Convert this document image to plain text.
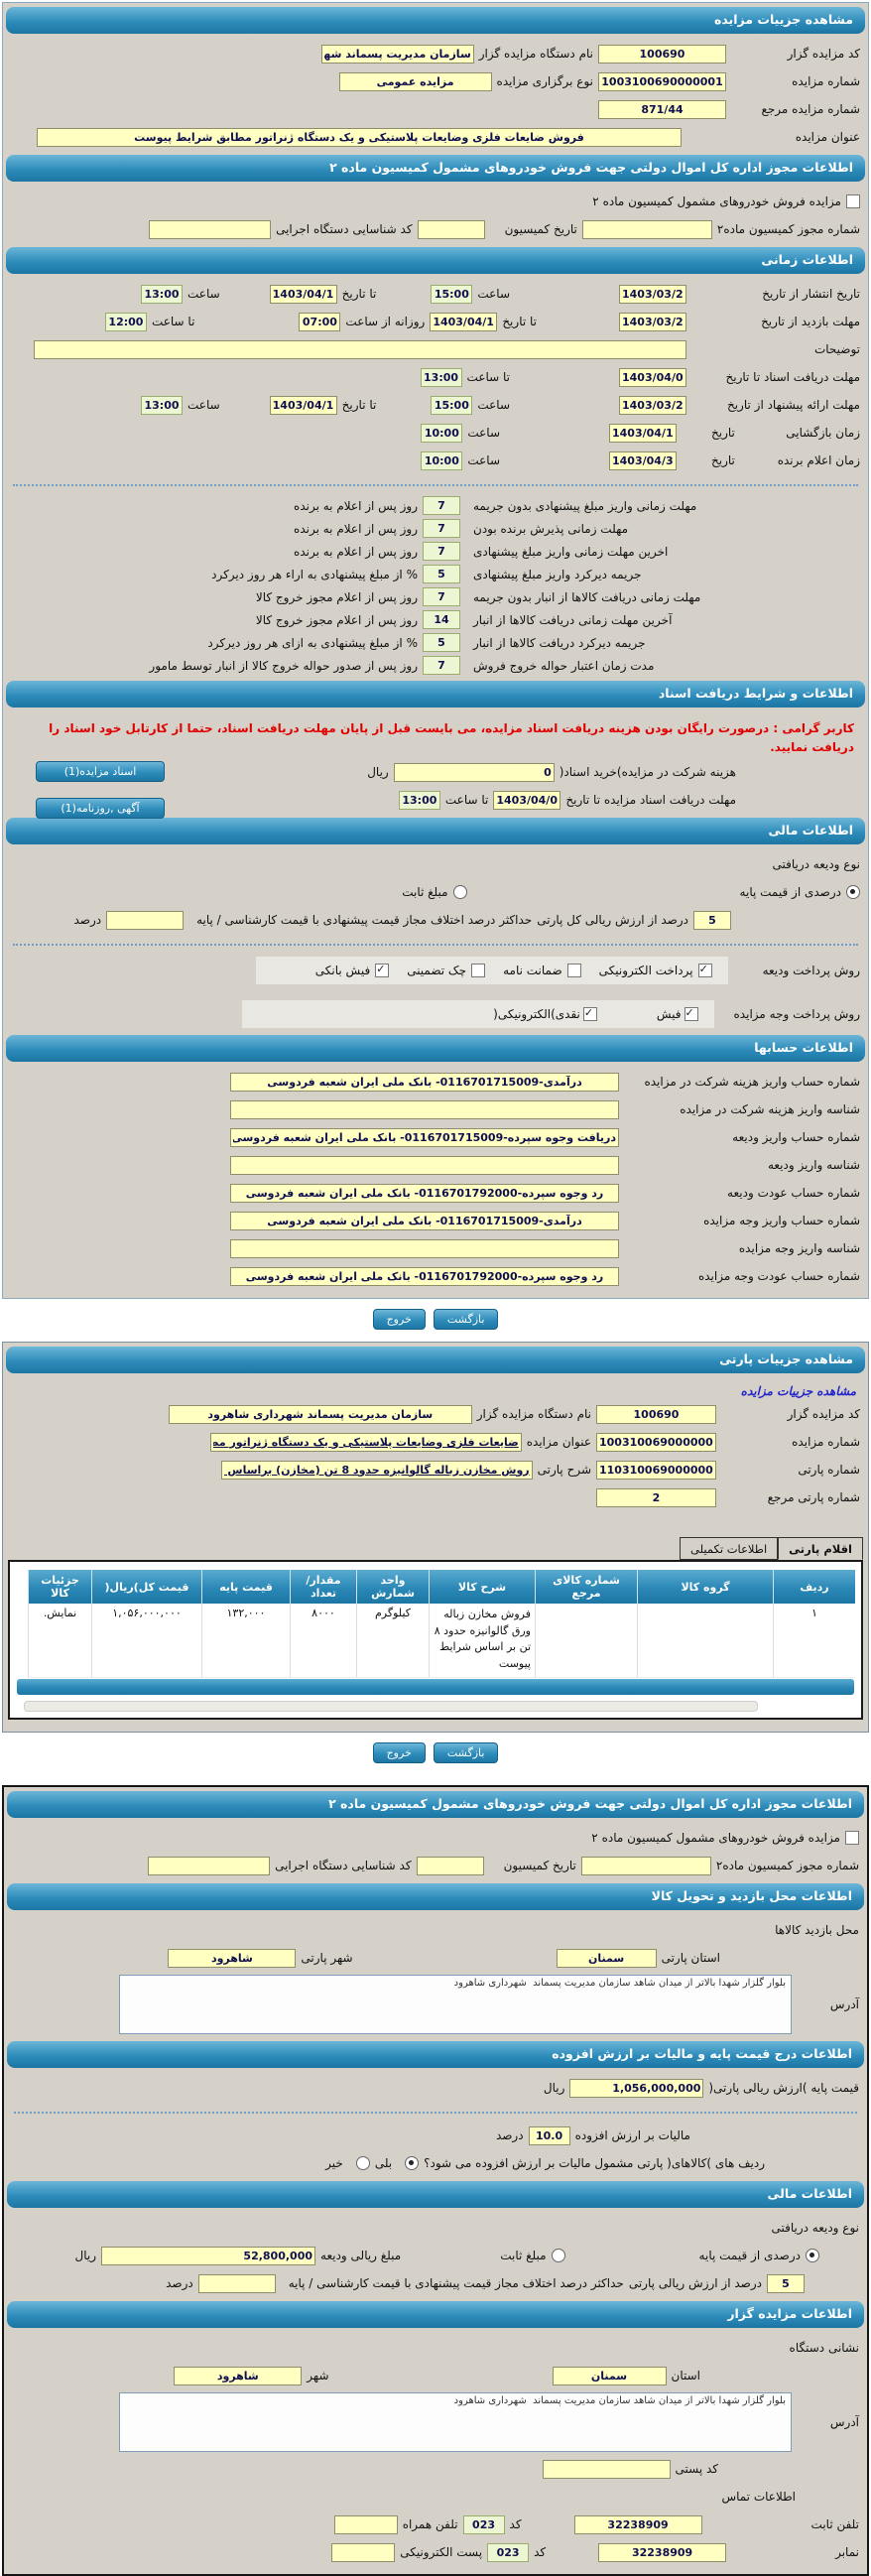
مشاهده جزییات مزایده
کد مزایده گزار
100690
نام دستگاه مزایده گزار
سازمان مدیریت پسماند شهرداری شاهرود
شماره مزایده
1003100690000001
نوع برگزاری مزایده
مزایده عمومی
شماره مزایده مرجع
871/44
عنوان مزایده
فروش ضایعات فلزی وضایعات پلاستیکی و یک دستگاه ژنراتور مطابق شرایط پیوست
اطلاعات مجوز اداره کل اموال دولتی جهت فروش خودروهای مشمول کمیسیون ماده ۲
مزایده فروش خودروهای مشمول کمیسیون ماده ۲
شماره مجوز کمیسیون ماده۲
تاریخ کمیسیون
کد شناسایی دستگاه اجرایی
اطلاعات زمانی
تاریخ انتشار از تاریخ
1403/03/29
ساعت
15:00
تا تاریخ
1403/04/17
ساعت
13:00
مهلت بازدید از تاریخ
1403/03/29
تا تاریخ
1403/04/17
روزانه از ساعت
07:00
تا ساعت
12:00
توضیحات
مهلت دریافت اسناد تا تاریخ
1403/04/07
تا ساعت
13:00
مهلت ارائه پیشنهاد از تاریخ
1403/03/29
ساعت
15:00
تا تاریخ
1403/04/17
ساعت
13:00
زمان بازگشایی
تاریخ
1403/04/18
ساعت
10:00
زمان اعلام برنده
تاریخ
1403/04/30
ساعت
10:00
مهلت زمانی واریز مبلغ پیشنهادی بدون جریمه
7
روز پس از اعلام به برنده
مهلت زمانی پذیرش برنده بودن
7
روز پس از اعلام به برنده
اخرین مهلت زمانی واریز مبلغ پیشنهادی
7
روز پس از اعلام به برنده
جریمه دیرکرد واریز مبلغ پیشنهادی
5
% از مبلغ پیشنهادی به اراء هر روز دیرکرد
مهلت زمانی دریافت کالاها از انبار بدون جریمه
7
روز پس از اعلام مجوز خروج کالا
آخرین مهلت زمانی دریافت کالاها از انبار
14
روز پس از اعلام مجوز خروج کالا
جریمه دیرکرد دریافت کالاها از انبار
5
% از مبلغ پیشنهادی به ازای هر روز دیرکرد
مدت زمان اعتبار حواله خروج فروش
7
روز پس از صدور حواله خروج کالا از انبار توسط مامور
اطلاعات و شرایط دریافت اسناد
کاربر گرامی : درصورت رایگان بودن هزینه دریافت اسناد مزایده، می بایست قبل از پایان مهلت دریافت اسناد، حتما از کارتابل خود اسناد را دریافت نمایید.
هزینه شرکت در مزایده)خرید اسناد(
0
ریال
مهلت دریافت اسناد مزایده تا تاریخ
1403/04/07
تا ساعت
13:00
اسناد مزایده(1)
آگهی ,روزنامه(1)
اطلاعات مالی
نوع ودیعه دریافتی
درصدی از قیمت پایه
مبلغ ثابت
5
درصد از ارزش ریالی کل پارتی
حداکثر درصد اختلاف مجاز قیمت پیشنهادی با قیمت کارشناسی / پایه
درصد
روش پرداخت ودیعه
✓
پرداخت الکترونیکی
ضمانت نامه
چک تضمینی
✓
فیش بانکی
روش پرداخت وجه مزایده
✓
فیش
✓
نقدی)الکترونیکی(
اطلاعات حسابها
شماره حساب واریز هزینه شرکت در مزایده
درآمدی-0116701715009- بانک ملی ایران شعبه فردوسی
شناسه واریز هزینه شرکت در مزایده
شماره حساب واریز ودیعه
دریافت وجوه سپرده-0116701715009- بانک ملی ایران شعبه فردوسی
شناسه واریز ودیعه
شماره حساب عودت ودیعه
رد وجوه سپرده-0116701792000- بانک ملی ایران شعبه فردوسی
شماره حساب واریز وجه مزایده
درآمدی-0116701715009- بانک ملی ایران شعبه فردوسی
شناسه واریز وجه مزایده
شماره حساب عودت وجه مزایده
رد وجوه سپرده-0116701792000- بانک ملی ایران شعبه فردوسی
بازگشت
خروج
مشاهده جزییات پارتی
مشاهده جزییات مزایده
کد مزایده گزار
100690
نام دستگاه مزایده گزار
سازمان مدیریت پسماند شهرداری شاهرود
شماره مزایده
1003100690000001
عنوان مزایده
ضایعات فلزی وضایعات پلاستیکی و یک دستگاه ژنراتور مطابق شرایط پی
شماره پارتی
1103100690000004
شرح پارتی
روش مخازن زباله گالوانیزه حدود 8 تن (مخازن) براساس شرایط پیوست
شماره پارتی مرجع
2
اقلام پارتی
اطلاعات تکمیلی
ردیف	گروه کالا	شماره کالای مرجع	شرح کالا	واحد شمارش	مقدار/ تعداد	قیمت پایه	قیمت کل)ریال(	جزئیات کالا
۱			فروش مخازن زباله ورق گالوانیزه حدود ۸ تن بر اساس شرایط پیوست	کیلوگرم	۸۰۰۰	۱۳۲,۰۰۰	۱,۰۵۶,۰۰۰,۰۰۰	نمایش.
بازگشت
خروج
اطلاعات مجوز اداره کل اموال دولتی جهت فروش خودروهای مشمول کمیسیون ماده ۲
مزایده فروش خودروهای مشمول کمیسیون ماده ۲
شماره مجوز کمیسیون ماده۲
تاریخ کمیسیون
کد شناسایی دستگاه اجرایی
اطلاعات محل بازدید و تحویل کالا
محل بازدید کالاها
استان پارتی
سمنان
شهر پارتی
شاهرود
آدرس
بلوار گلزار شهدا بالاتر از میدان شاهد سازمان مدیریت پسماند شهرداری شاهرود
اطلاعات درج قیمت پایه و مالیات بر ارزش افزوده
قیمت پایه )ارزش ریالی پارتی(
1,056,000,000
ریال
مالیات بر ارزش افزوده
10.0
درصد
ردیف های )کالاهای( پارتی مشمول مالیات بر ارزش افزوده می شود؟
بلی
خیر
اطلاعات مالی
نوع ودیعه دریافتی
درصدی از قیمت پایه
مبلغ ثابت
مبلغ ریالی ودیعه
52,800,000
ریال
5
درصد از ارزش ریالی پارتی
حداکثر درصد اختلاف مجاز قیمت پیشنهادی با قیمت کارشناسی / پایه
درصد
اطلاعات مزایده گزار
نشانی دستگاه
استان
سمنان
شهر
شاهرود
آدرس
بلوار گلزار شهدا بالاتر از میدان شاهد سازمان مدیریت پسماند شهرداری شاهرود
کد پستی
اطلاعات تماس
تلفن ثابت
32238909
کد
023
تلفن همراه
نمابر
32238909
کد
023
پست الکترونیکی
